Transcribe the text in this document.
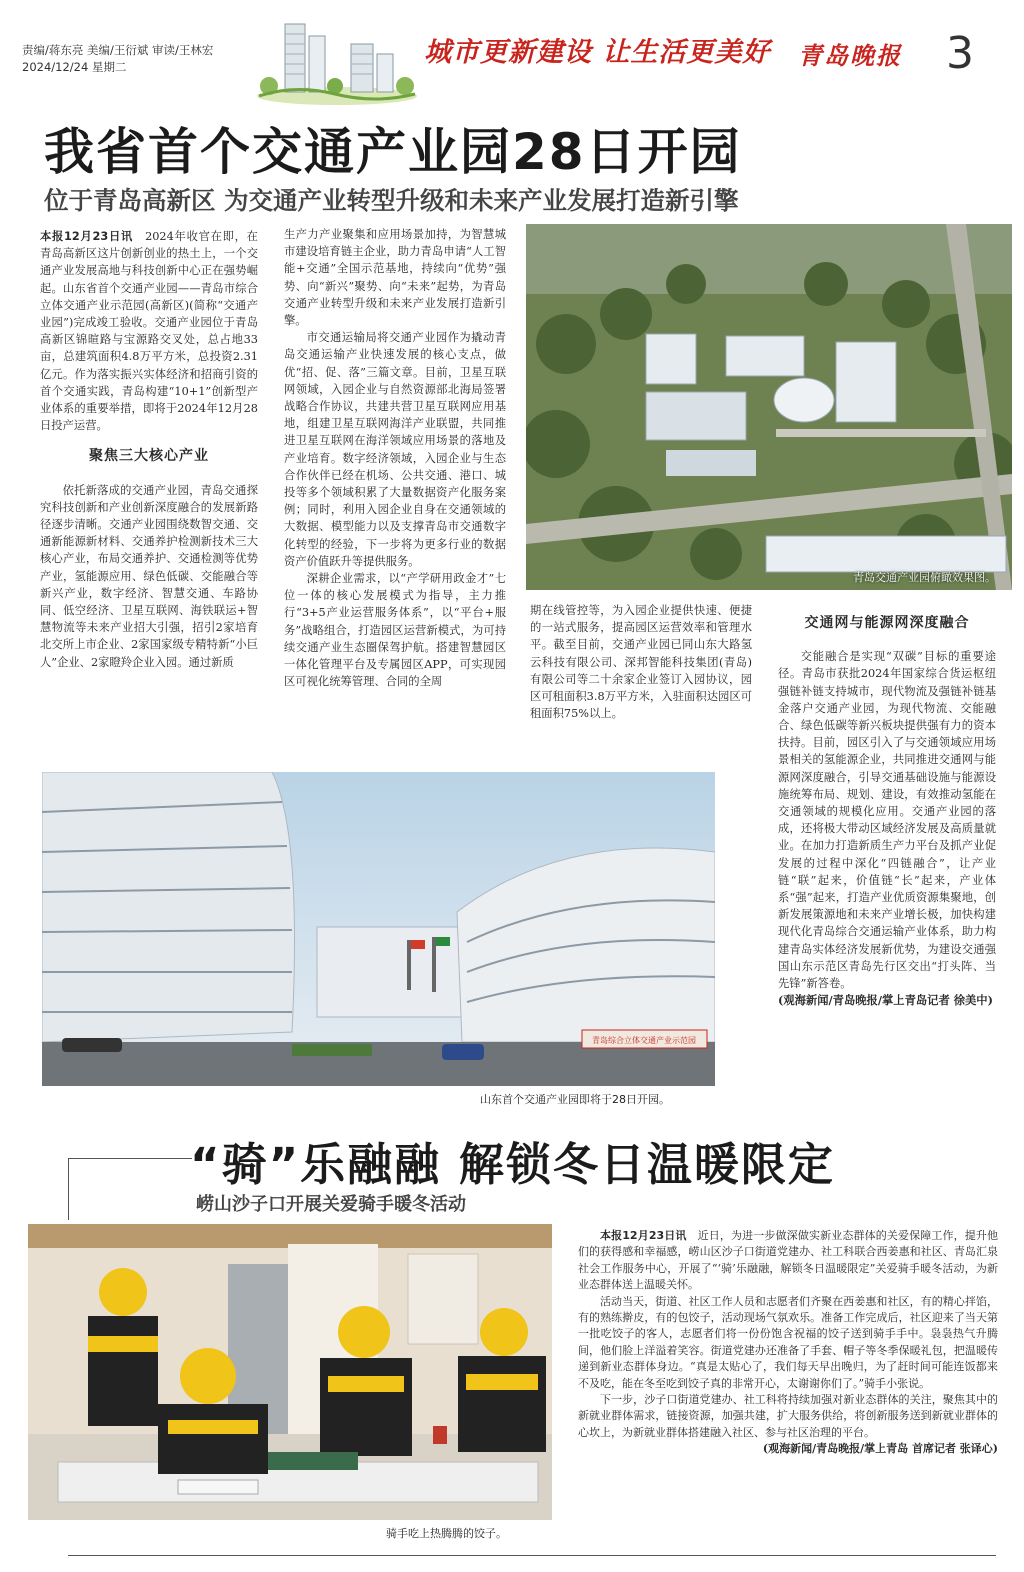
责编/蒋东亮 美编/王衍斌 审读/王林宏
2024/12/24 星期二	城市更新建设 让生活更美好 青岛晚报 3
我省首个交通产业园28日开园
位于青岛高新区 为交通产业转型升级和未来产业发展打造新引擎

本报12月23日讯　 2024年收官在即，在青岛高新区这片创新创业的热土上，一个交通产业发展高地与科技创新中心正在强势崛起。山东省首个交通产业园——青岛市综合立体交通产业示范园(高新区)(简称“交通产业园”)完成竣工验收。交通产业园位于青岛高新区锦暄路与宝源路交叉处，总占地33亩，总建筑面积4.8万平方米，总投资2.31亿元。作为落实振兴实体经济和招商引资的首个交通实践，青岛构建“10+1”创新型产业体系的重要举措，即将于2024年12月28日投产运营。

聚焦三大核心产业

依托新落成的交通产业园，青岛交通探究科技创新和产业创新深度融合的发展新路径逐步清晰。交通产业园围绕数智交通、交通新能源新材料、交通养护检测新技术三大核心产业，布局交通养护、交通检测等优势产业，氢能源应用、绿色低碳、交能融合等新兴产业，数字经济、智慧交通、车路协同、低空经济、卫星互联网、海铁联运+智慧物流等未来产业招大引强，招引2家培育北交所上市企业、2家国家级专精特新“小巨人”企业、2家瞪羚企业入园。通过新质

生产力产业聚集和应用场景加持，为智慧城市建设培育链主企业，助力青岛申请“人工智能+交通”全国示范基地，持续向“优势”强势、向“新兴”聚势、向“未来”起势，为青岛交通产业转型升级和未来产业发展打造新引擎。

市交通运输局将交通产业园作为撬动青岛交通运输产业快速发展的核心支点，做优“招、促、落”三篇文章。目前，卫星互联网领域，入园企业与自然资源部北海局签署战略合作协议，共建共营卫星互联网应用基地，组建卫星互联网海洋产业联盟，共同推进卫星互联网在海洋领域应用场景的落地及产业培育。数字经济领域，入园企业与生态合作伙伴已经在机场、公共交通、港口、城投等多个领域积累了大量数据资产化服务案例；同时，利用入园企业自身在交通领域的大数据、模型能力以及支撑青岛市交通数字化转型的经验，下一步将为更多行业的数据资产价值跃升等提供服务。

深耕企业需求，以“产学研用政金才”七位一体的核心发展模式为指导，主力推行“3+5产业运营服务体系”，以“平台+服务”战略组合，打造园区运营新模式，为可持续交通产业生态圈保驾护航。搭建智慧园区一体化管理平台及专属园区APP，可实现园区可视化统筹管理、合同的全周

青岛交通产业园俯瞰效果图。

期在线管控等，为入园企业提供快速、便捷的一站式服务，提高园区运营效率和管理水平。截至目前，交通产业园已同山东大路氢云科技有限公司、深邦智能科技集团(青岛)有限公司等二十余家企业签订入园协议，园区可租面积3.8万平方米，入驻面积达园区可租面积75%以上。

交通网与能源网深度融合

交能融合是实现“双碳”目标的重要途径。青岛市获批2024年国家综合货运枢纽强链补链支持城市，现代物流及强链补链基金落户交通产业园，为现代物流、交能融合、绿色低碳等新兴板块提供强有力的资本扶持。目前，园区引入了与交通领域应用场景相关的氢能源企业，共同推进交通网与能源网深度融合，引导交通基础设施与能源设施统筹布局、规划、建设，有效推动氢能在交通领域的规模化应用。交通产业园的落成，还将极大带动区域经济发展及高质量就业。在加力打造新质生产力平台及抓产业促发展的过程中深化“四链融合”，让产业链“联”起来，价值链“长”起来，产业体系“强”起来，打造产业优质资源集聚地，创新发展策源地和未来产业增长极，加快构建现代化青岛综合交通运输产业体系，助力构建青岛实体经济发展新优势，为建设交通强国山东示范区青岛先行区交出“打头阵、当先锋”新答卷。

(观海新闻/青岛晚报/掌上青岛记者 徐美中)

青岛综合立体交通产业示范园
山东首个交通产业园即将于28日开园。
“骑”乐融融 解锁冬日温暖限定
崂山沙子口开展关爱骑手暖冬活动
骑手吃上热腾腾的饺子。

本报12月23日讯　 近日，为进一步做深做实新业态群体的关爱保障工作，提升他们的获得感和幸福感，崂山区沙子口街道党建办、社工科联合西姜惠和社区、青岛汇泉社会工作服务中心，开展了“‘骑’乐融融，解锁冬日温暖限定”关爱骑手暖冬活动，为新业态群体送上温暖关怀。

活动当天，街道、社区工作人员和志愿者们齐聚在西姜惠和社区，有的精心拌馅，有的熟练擀皮，有的包饺子，活动现场气氛欢乐。准备工作完成后，社区迎来了当天第一批吃饺子的客人，志愿者们将一份份饱含祝福的饺子送到骑手手中。袅袅热气升腾间，他们脸上洋溢着笑容。街道党建办还准备了手套、帽子等冬季保暖礼包，把温暖传递到新业态群体身边。“真是太贴心了，我们每天早出晚归，为了赶时间可能连饭都来不及吃，能在冬至吃到饺子真的非常开心，太谢谢你们了。”骑手小张说。

下一步，沙子口街道党建办、社工科将持续加强对新业态群体的关注，聚焦其中的新就业群体需求，链接资源，加强共建，扩大服务供给，将创新服务送到新就业群体的心坎上，为新就业群体搭建融入社区、参与社区治理的平台。

(观海新闻/青岛晚报/掌上青岛 首席记者 张译心)
